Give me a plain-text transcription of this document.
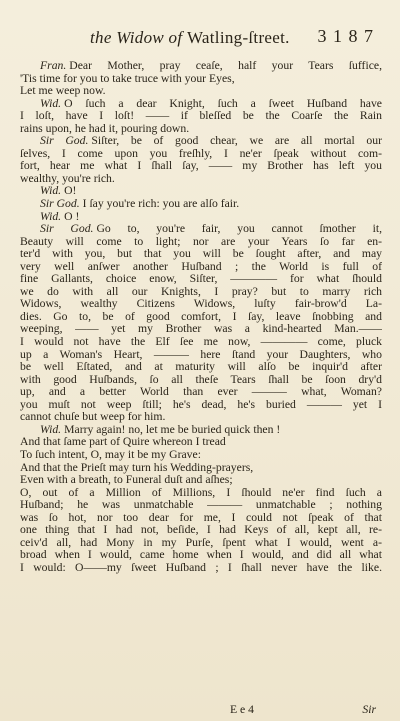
the Widow of Watling-ſtreet. 3 1 8 7
Fran. Dear Mother, pray ceaſe, half your Tears ſuffice,
'Tis time for you to take truce with your Eyes,
Let me weep now.
Wid. O ſuch a dear Knight, ſuch a ſweet Huſband have
I loſt, have I loſt! —— if bleſſed be the Coarſe the Rain
rains upon, he had it, pouring down.
Sir God. Siſter, be of good chear, we are all mortal our
ſelves, I come upon you freſhly, I ne'er ſpeak without com-
fort, hear me what I ſhall ſay, —— my Brother has left you
wealthy, you're rich.
Wid. O!
Sir God. I ſay you're rich: you are alſo fair.
Wid. O !
Sir God. Go to, you're fair, you cannot ſmother it,
Beauty will come to light; nor are your Years ſo far en-
ter'd with you, but that you will be ſought after, and may
very well anſwer another Huſband ; the World is full of
fine Gallants, choice enow, Siſter, ———— for what ſhould
we do with all our Knights, I pray? but to marry rich
Widows, wealthy Citizens Widows, luſty fair-brow'd La-
dies. Go to, be of good comfort, I ſay, leave ſnobbing and
weeping, —— yet my Brother was a kind-hearted Man.——
I would not have the Elf ſee me now, ———— come, pluck
up a Woman's Heart, ——— here ſtand your Daughters, who
be well Eſtated, and at maturity will alſo be inquir'd after
with good Huſbands, ſo all theſe Tears ſhall be ſoon dry'd
up, and a better World than ever ——— what, Woman?
you muſt not weep ſtill; he's dead, he's buried ——— yet I
cannot chuſe but weep for him.
Wid. Marry again! no, let me be buried quick then !
And that ſame part of Quire whereon I tread
To ſuch intent, O, may it be my Grave:
And that the Prieſt may turn his Wedding-prayers,
Even with a breath, to Funeral duſt and aſhes;
O, out of a Million of Millions, I ſhould ne'er find ſuch a
Huſband; he was unmatchable ——— unmatchable ; nothing
was ſo hot, nor too dear for me, I could not ſpeak of that
one thing that I had not, beſide, I had Keys of all, kept all, re-
ceiv'd all, had Mony in my Purſe, ſpent what I would, went a-
broad when I would, came home when I would, and did all what
I would: O——my ſweet Huſband ; I ſhall never have the like.
E e 4	Sir
